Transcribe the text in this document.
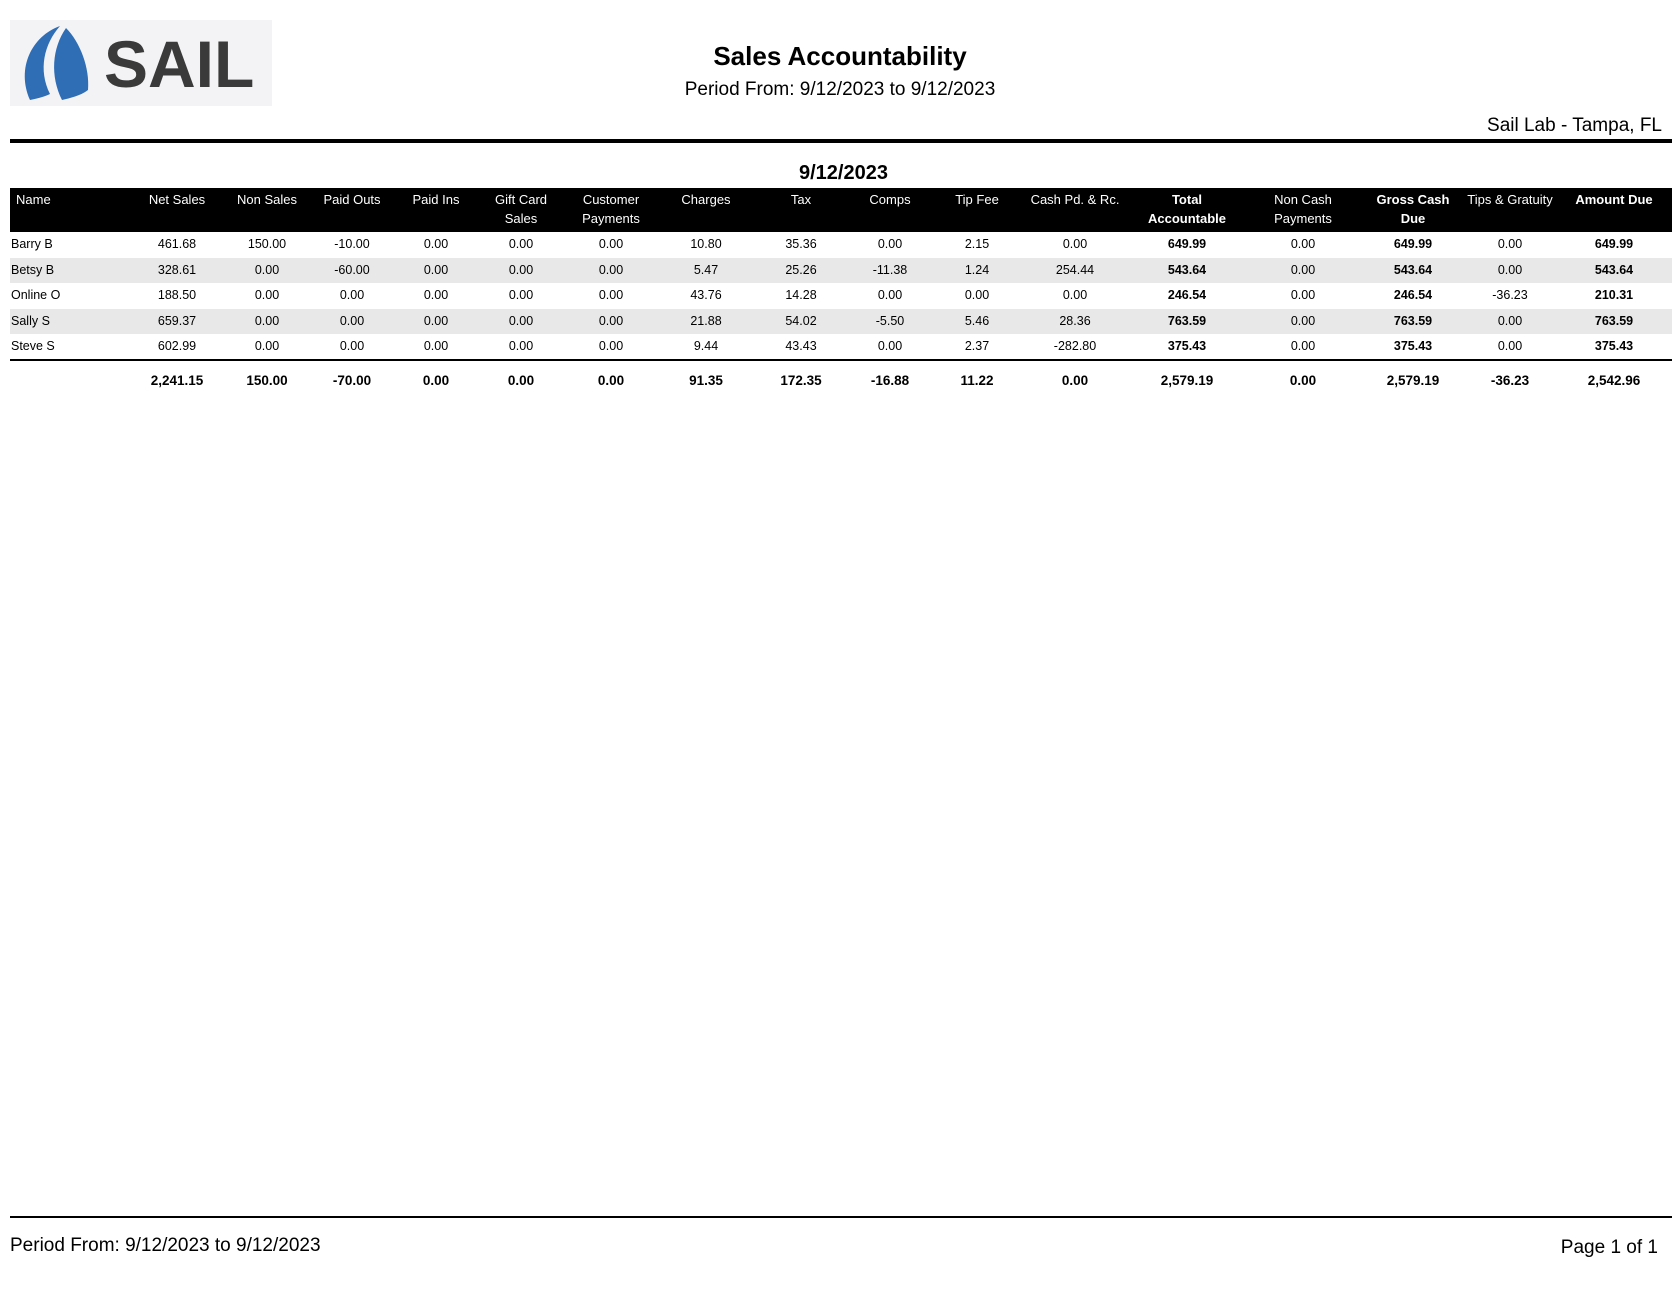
SAIL	Sales Accountability
Period From: 9/12/2023 to 9/12/2023
Sail Lab - Tampa, FL
9/12/2023
Name	Net Sales	Non Sales	Paid Outs	Paid Ins	Gift Card Sales	Customer Payments	Charges	Tax	Comps	Tip Fee	Cash Pd. & Rc.	Total Accountable	Non Cash Payments	Gross Cash Due	Tips & Gratuity	Amount Due
Barry B	461.68	150.00	-10.00	0.00	0.00	0.00	10.80	35.36	0.00	2.15	0.00	649.99	0.00	649.99	0.00	649.99
Betsy B	328.61	0.00	-60.00	0.00	0.00	0.00	5.47	25.26	-11.38	1.24	254.44	543.64	0.00	543.64	0.00	543.64
Online O	188.50	0.00	0.00	0.00	0.00	0.00	43.76	14.28	0.00	0.00	0.00	246.54	0.00	246.54	-36.23	210.31
Sally S	659.37	0.00	0.00	0.00	0.00	0.00	21.88	54.02	-5.50	5.46	28.36	763.59	0.00	763.59	0.00	763.59
Steve S	602.99	0.00	0.00	0.00	0.00	0.00	9.44	43.43	0.00	2.37	-282.80	375.43	0.00	375.43	0.00	375.43
	2,241.15	150.00	-70.00	0.00	0.00	0.00	91.35	172.35	-16.88	11.22	0.00	2,579.19	0.00	2,579.19	-36.23	2,542.96
Period From: 9/12/2023 to 9/12/2023	Page 1 of 1
